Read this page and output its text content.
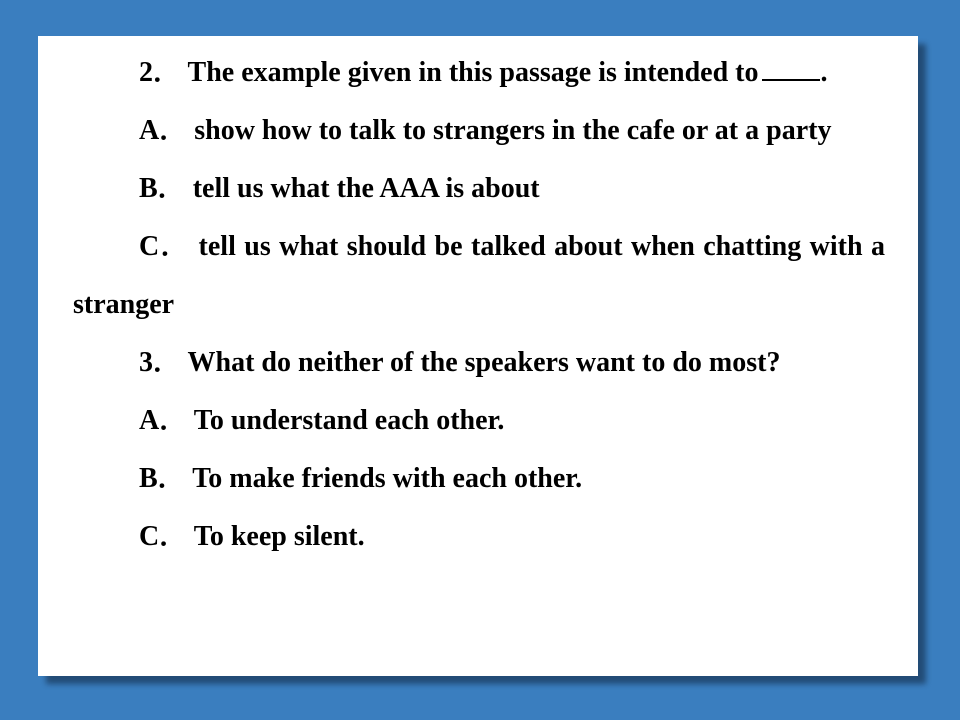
2． The example given in this passage is intended to .

A． show how to talk to strangers in the cafe or at a party

B． tell us what the AAA is about

C． tell us what should be talked about when chatting with a stranger

3． What do neither of the speakers want to do most?

A． To understand each other.

B． To make friends with each other.

C． To keep silent.
